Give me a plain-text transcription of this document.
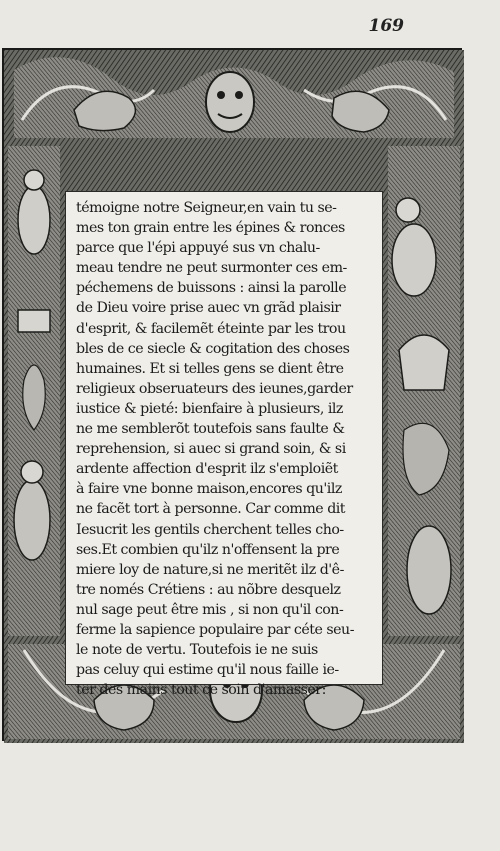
169
témoigne notre Seigneur,en vain tu se-
mes ton grain entre les épines & ronces
parce que l'épi appuyé sus vn chalu-
meau tendre ne peut surmonter ces em-
péchemens de buissons : ainsi la parolle
de Dieu voire prise auec vn grãd plaisir
d'esprit, & facilemẽt éteinte par les trou
bles de ce siecle & cogitation des choses
humaines. Et si telles gens se dient être
religieux obseruateurs des ieunes,garder
iustice & pieté: bienfaire à plusieurs, ilz
ne me semblerõt toutefois sans faulte &
reprehension, si auec si grand soin, & si
ardente affection d'esprit ilz s'emploiẽt
à faire vne bonne maison,encores qu'ilz
ne facẽt tort à personne. Car comme dit
Iesucrit les gentils cherchent telles cho-
ses.Et combien qu'ilz n'offensent la pre
miere loy de nature,si ne meritẽt ilz d'ê-
tre només Crétiens : au nõbre desquelz
nul sage peut être mis , si non qu'il con-
ferme la sapience populaire par céte seu-
le note de vertu. Toutefois ie ne suis
pas celuy qui estime qu'il nous faille ie-
ter des mains tout ce soin d'amasser:
